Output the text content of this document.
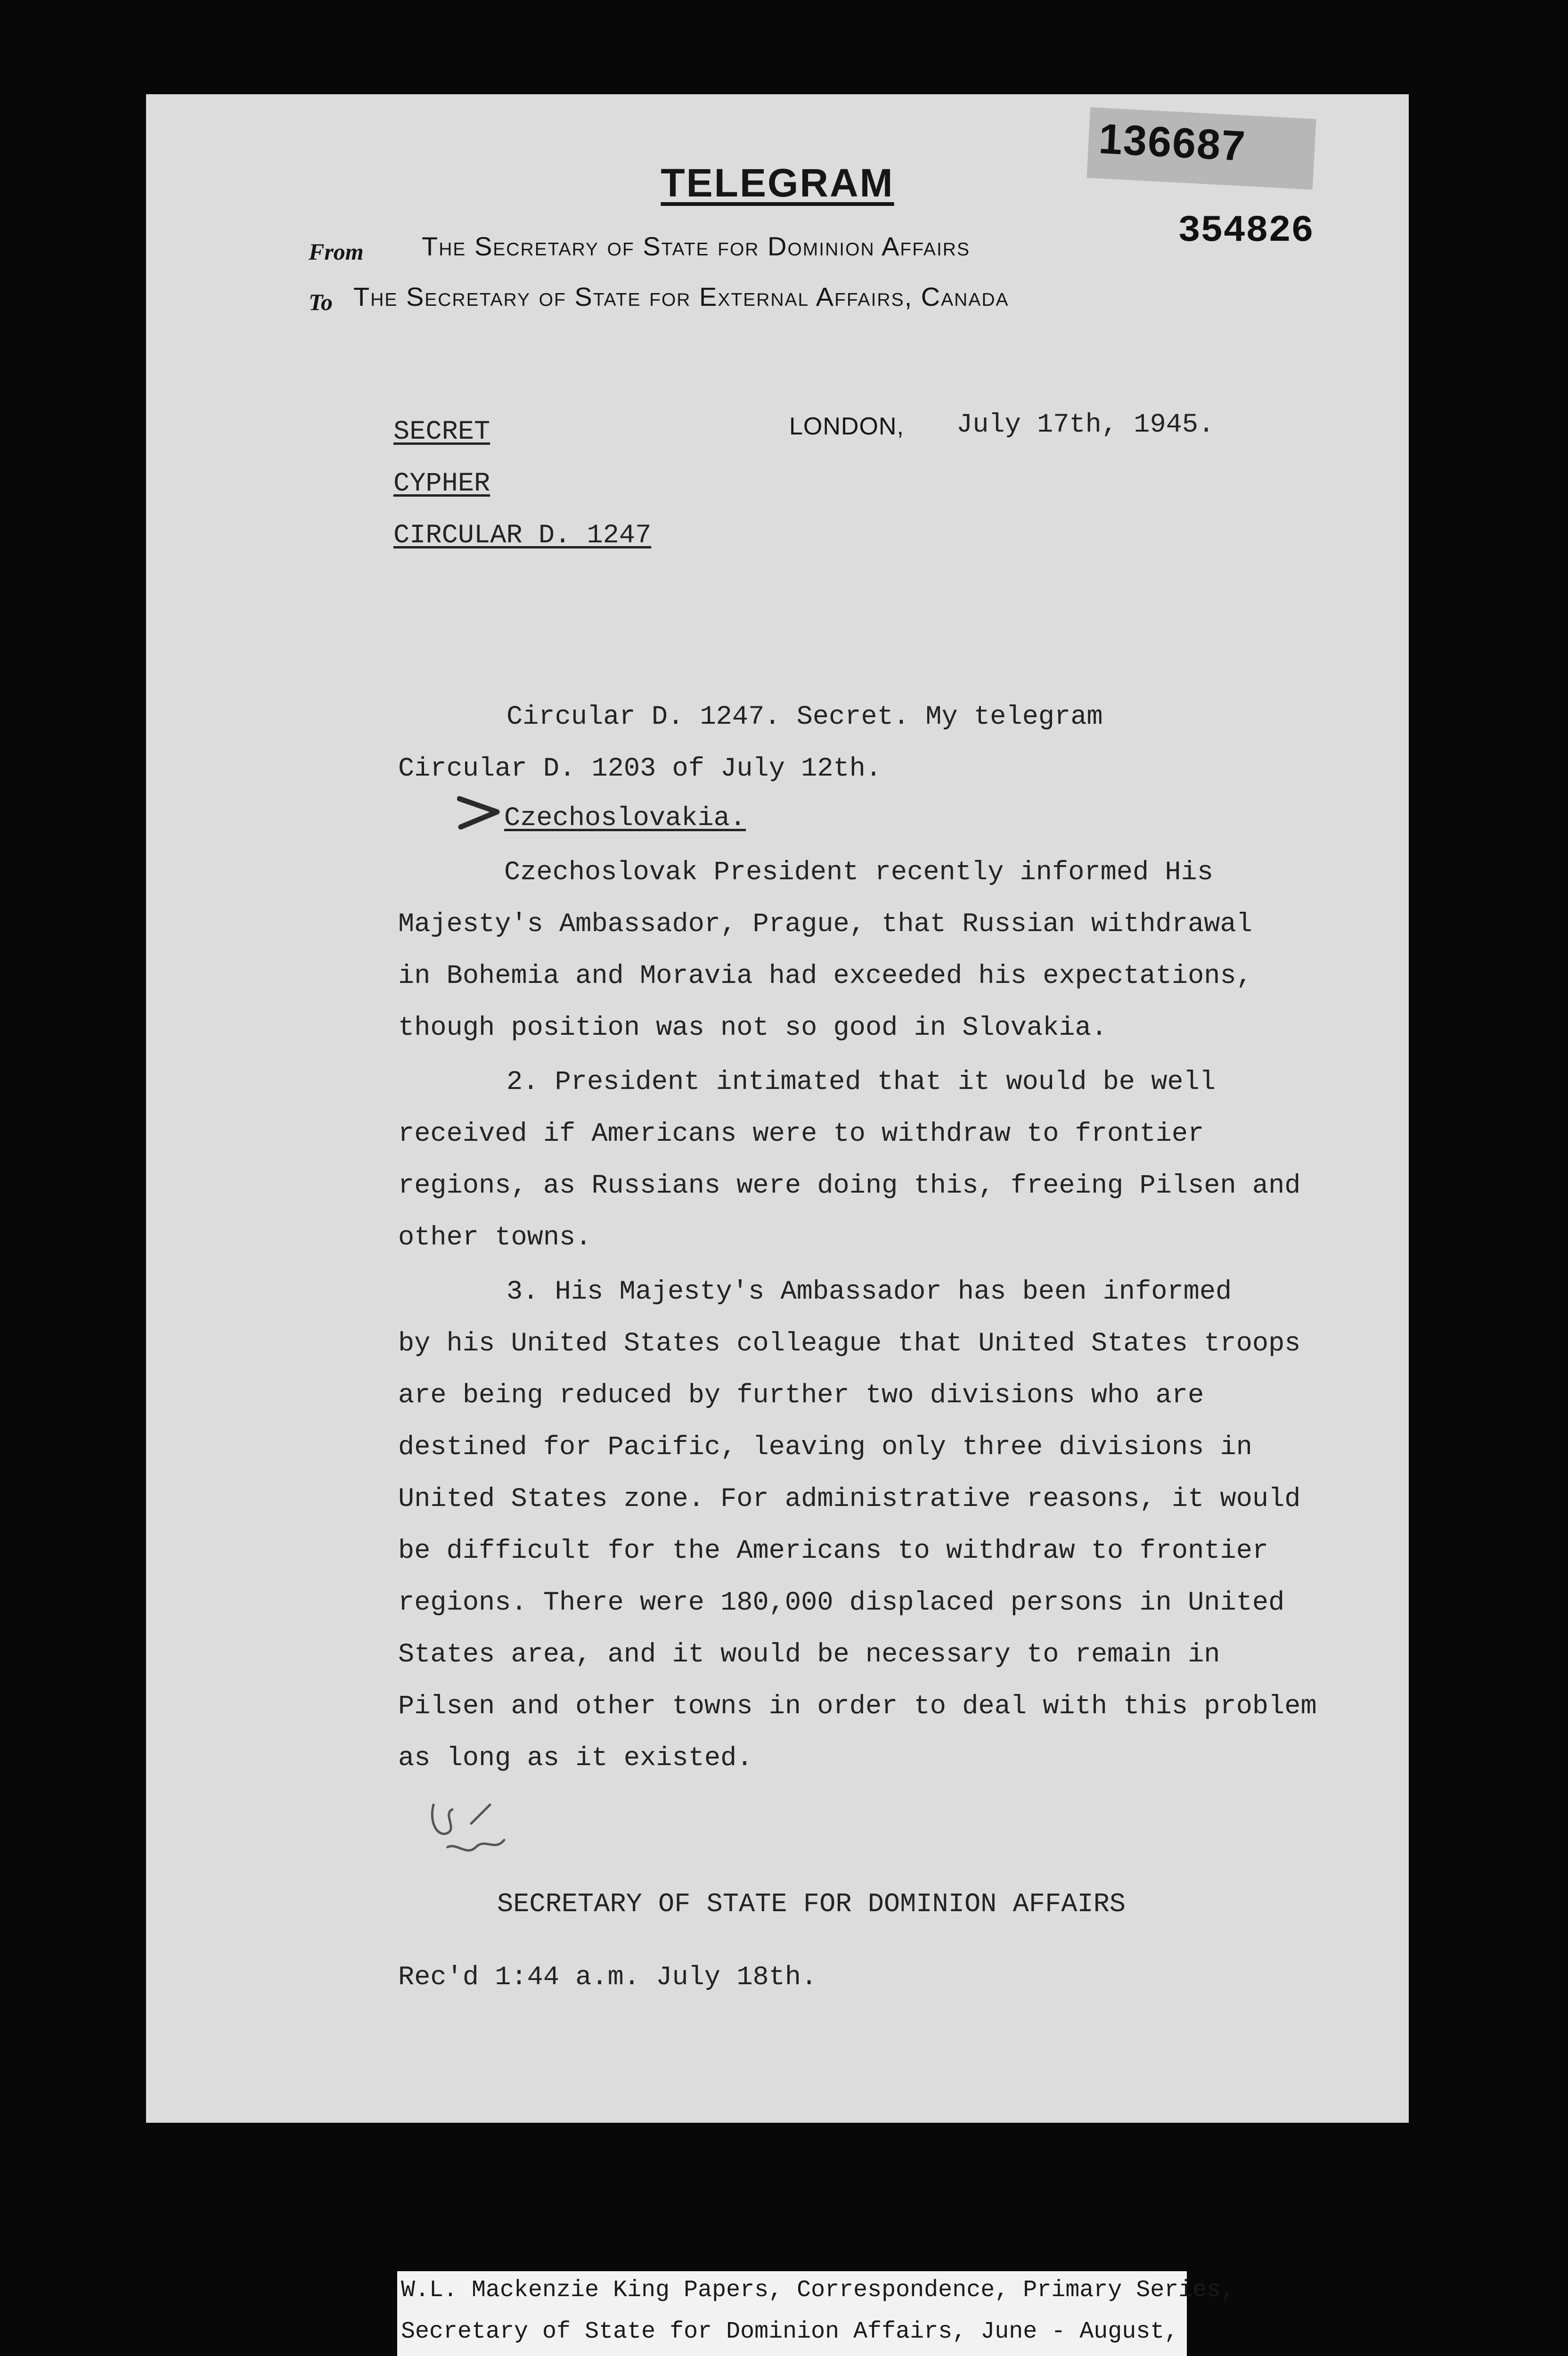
136687
354826
TELEGRAM
From The Secretary of State for Dominion Affairs
To The Secretary of State for External Affairs, Canada
SECRET
CYPHER
CIRCULAR D. 1247
LONDON, July 17th, 1945.
Circular D. 1247. Secret. My telegram
Circular D. 1203 of July 12th.
Czechoslovakia.
Czechoslovak President recently informed His
Majesty's Ambassador, Prague, that Russian withdrawal
in Bohemia and Moravia had exceeded his expectations,
though position was not so good in Slovakia.
2. President intimated that it would be well
received if Americans were to withdraw to frontier
regions, as Russians were doing this, freeing Pilsen and
other towns.
3. His Majesty's Ambassador has been informed
by his United States colleague that United States troops
are being reduced by further two divisions who are
destined for Pacific, leaving only three divisions in
United States zone. For administrative reasons, it would
be difficult for the Americans to withdraw to frontier
regions. There were 180,000 displaced persons in United
States area, and it would be necessary to remain in
Pilsen and other towns in order to deal with this problem
as long as it existed.
SECRETARY OF STATE FOR DOMINION AFFAIRS
Rec'd 1:44 a.m. July 18th.
W.L. Mackenzie King Papers, Correspondence, Primary Series,
Secretary of State for Dominion Affairs, June - August,
